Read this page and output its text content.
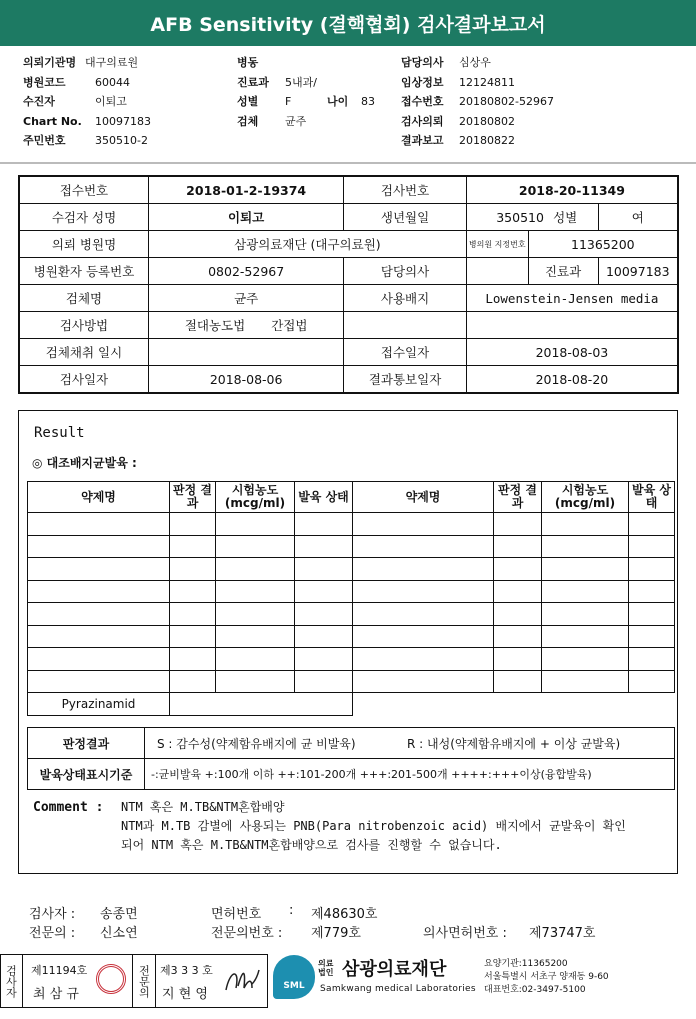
AFB Sensitivity (결핵협회) 검사결과보고서
의뢰기관명 대구의료원
병원코드	60044
수진자	이퇴고
Chart No. 10097183
주민번호	350510-2
병동
진료과 5내과/
성별 F	나이 83
검체 균주
담당의사 심상우
임상정보 12124811
접수번호 20180802-52967
검사의뢰 20180802
결과보고 20180822
접수번호	2018-01-2-19374	검사번호	2018-20-11349		
수검자 성명	이퇴고	생년월일	350510 성별		여
의뢰 병원명	삼광의료재단 (대구의료원)		병의원 지정번호	11365200	
병원환자 등록번호	0802-52967	담당의사		진료과	10097183
검체명	균주	사용배지	Lowenstein-Jensen media		
검사방법	절대농도법 간접법				
검체채취 일시		접수일자	2018-08-03		
검사일자	2018-08-06	결과통보일자	2018-08-20		
Result
◎ 대조배지균발육 :
약제명	판정 결과	시험농도 (mcg/ml)	발육 상태	약제명	판정 결과	시험농도 (mcg/ml)	발육 상태

Pyrazinamid							
판정결과	S : 감수성(약제함유배지에 균 비발육) R : 내성(약제함유배지에 + 이상 균발육)
발육상태표시기준	-:균비발육 +:100개 이하 ++:101-200개 +++:201-500개 ++++:+++이상(융합발육)
Comment : NTM 혹은 M.TB&NTM혼합배양
NTM과 M.TB 감별에 사용되는 PNB(Para nitrobenzoic acid) 배지에서 균발육이 확인
되어 NTM 혹은 M.TB&NTM혼합배양으로 검사를 진행할 수 없습니다.
검사자 : 송종면	면허번호 : 제48630호
전문의 : 신소연	전문의번호 : 제779호	의사면허번호 : 제73747호
검사자	제11194호
최 삼 규	전문의 제3 3 3 호
지 현 영
SML
의료 법인 삼광의료재단
Samkwang medical Laboratories
요양기관:11365200
서울특별시 서초구 양재동 9-60
대표번호:02-3497-5100
